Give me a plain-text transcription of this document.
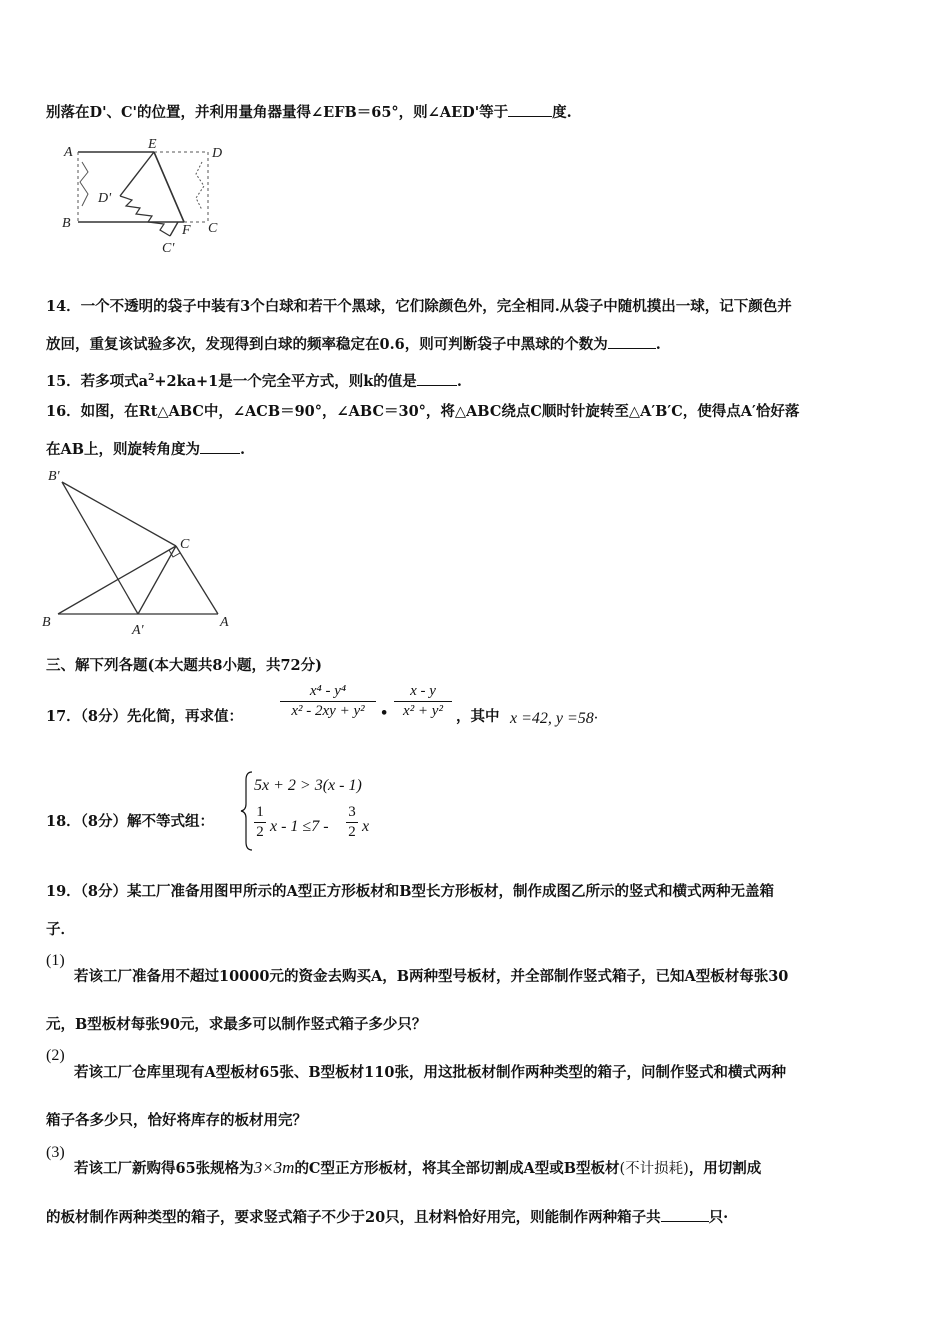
别落在D'、C'的位置，并利用量角器量得∠EFB＝65°，则∠AED'等于	度.
A
E
D
D'
B	C
F
C'
14．一个不透明的袋子中装有3个白球和若干个黑球，它们除颜色外，完全相同.从袋子中随机摸出一球，记下颜色并
放回，重复该试验多次，发现得到白球的频率稳定在0.6，则可判断袋子中黑球的个数为	.
15．若多项式$a^2+2ka+1$是一个完全平方式，则k的值是	.
16．如图，在Rt△ABC中，∠ACB＝90°，∠ABC＝30°，将△ABC绕点C顺时针旋转至△A′B′C，使得点A′恰好落
在AB上，则旋转角度为	.
B'
C
B
A'
A
三、解下列各题(本大题共8小题，共72分)
17．（8分）先化简，再求值：
x⁴ - y⁴
x² - 2xy + y²	•
x - y
x² + y² ，其中 x =42, y =58·
18．（8分）解不等式组：
5x + 2 > 3(x - 1)
1
2 x - 1 ≤7 -
3
2 x
19．（8分）某工厂准备用图甲所示的A型正方形板材和B型长方形板材，制作成图乙所示的竖式和横式两种无盖箱
子．
(1)
若该工厂准备用不超过10000元的资金去购买A，B两种型号板材，并全部制作竖式箱子，已知A型板材每张30
元，B型板材每张90元，求最多可以制作竖式箱子多少只？
(2)
若该工厂仓库里现有A型板材65张、B型板材110张，用这批板材制作两种类型的箱子，问制作竖式和横式两种
箱子各多少只，恰好将库存的板材用完？
(3)
若该工厂新购得65张规格为3×3m的C型正方形板材，将其全部切割成A型或B型板材(不计损耗)，用切割成
的板材制作两种类型的箱子，要求竖式箱子不少于20只，且材料恰好用完，则能制作两种箱子共	只·
